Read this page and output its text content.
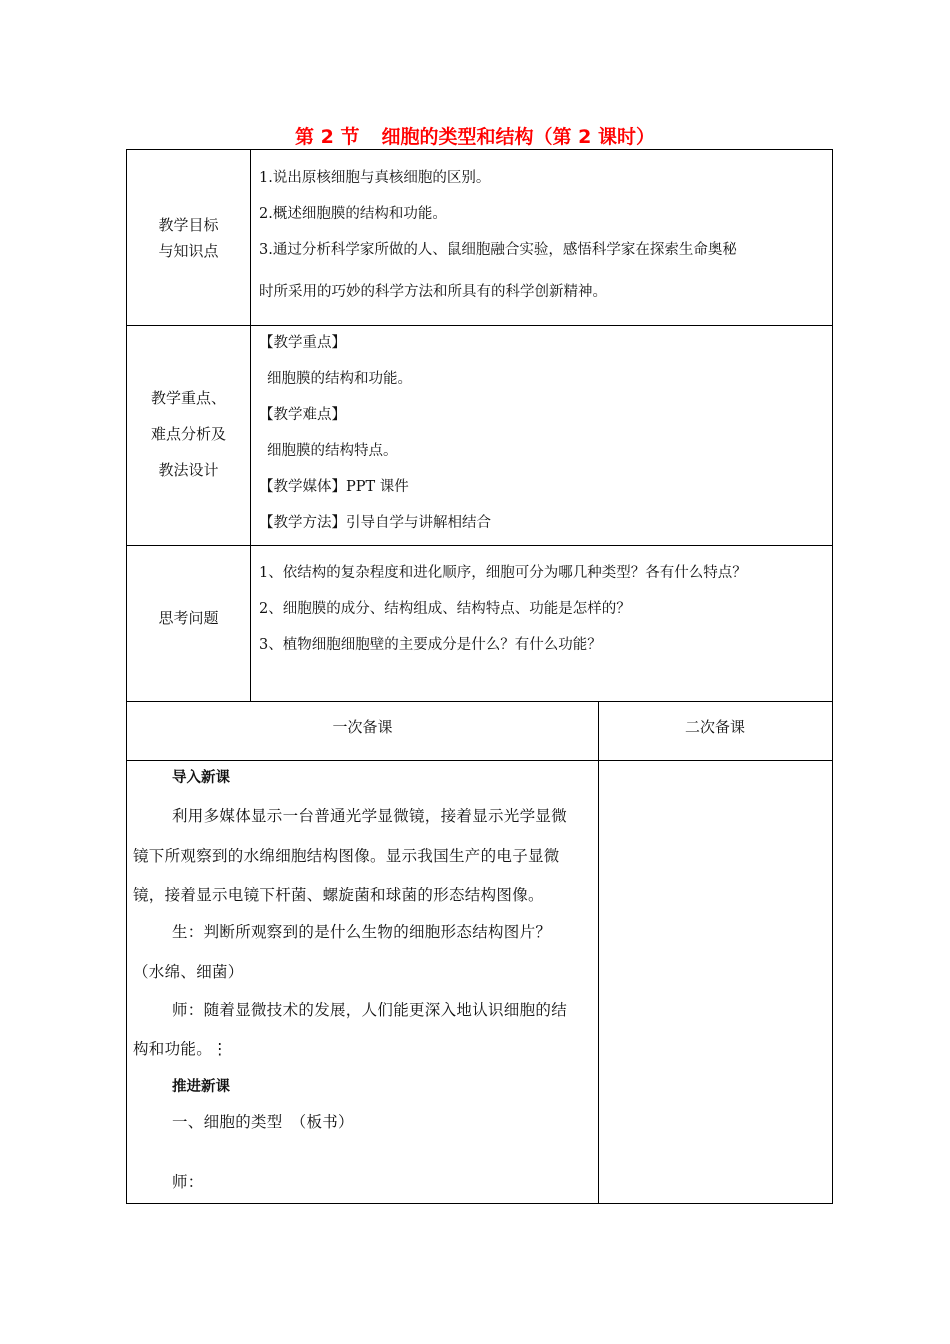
第 2 节 细胞的类型和结构（第 2 课时）
教学目标
与知识点
1.说出原核细胞与真核细胞的区别。
2.概述细胞膜的结构和功能。
3.通过分析科学家所做的人、鼠细胞融合实验，感悟科学家在探索生命奥秘
时所采用的巧妙的科学方法和所具有的科学创新精神。
教学重点、
难点分析及
教法设计
【教学重点】
细胞膜的结构和功能。
【教学难点】
细胞膜的结构特点。
【教学媒体】PPT 课件
【教学方法】引导自学与讲解相结合
思考问题
1、依结构的复杂程度和进化顺序，细胞可分为哪几种类型？各有什么特点？
2、细胞膜的成分、结构组成、结构特点、功能是怎样的？
3、植物细胞细胞壁的主要成分是什么？有什么功能？
一次备课	二次备课
导入新课
利用多媒体显示一台普通光学显微镜，接着显示光学显微
镜下所观察到的水绵细胞结构图像。显示我国生产的电子显微
镜，接着显示电镜下杆菌、螺旋菌和球菌的形态结构图像。
生：判断所观察到的是什么生物的细胞形态结构图片？
（水绵、细菌）
师：随着显微技术的发展，人们能更深入地认识细胞的结
构和功能。⋮
推进新课
一、细胞的类型　（板书）
师：
